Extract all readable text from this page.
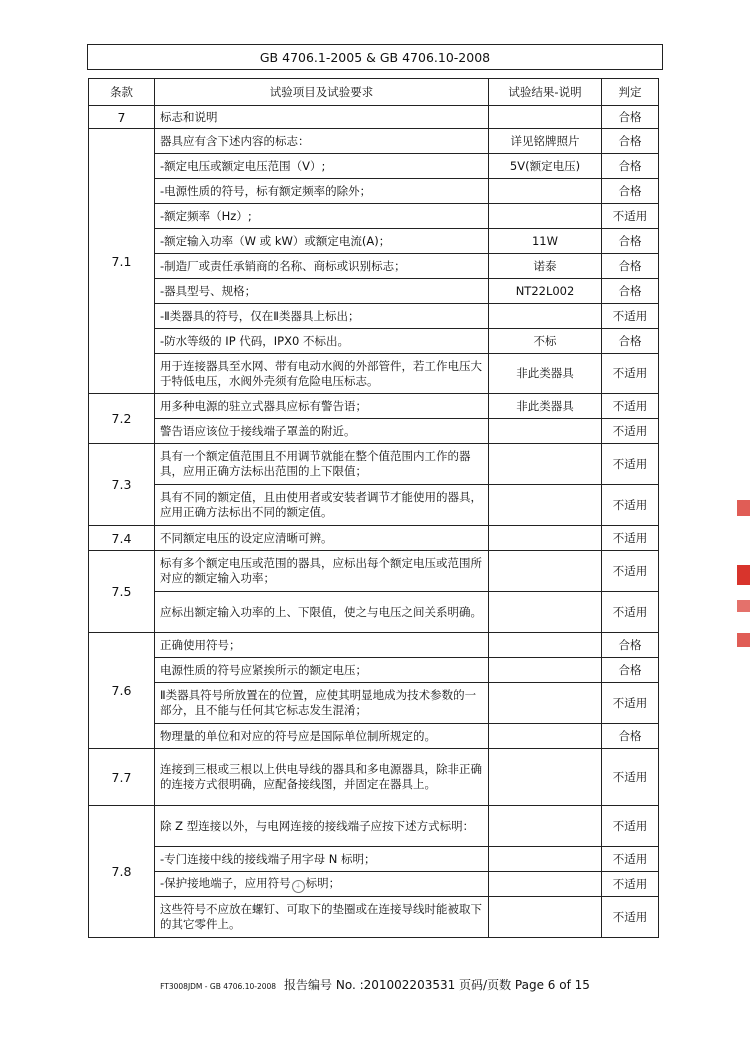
GB 4706.1-2005 & GB 4706.10-2008
条款	试验项目及试验要求	试验结果-说明	判定
7	标志和说明		合格
7.1	器具应有含下述内容的标志：	详见铭牌照片	合格
	-额定电压或额定电压范围（V）;	5V(额定电压)	合格
	-电源性质的符号，标有额定频率的除外；		合格
	-额定频率（Hz）;		不适用
	-额定输入功率（W 或 kW）或额定电流(A)；	11W	合格
	-制造厂或责任承销商的名称、商标或识别标志；	诺泰	合格
	-器具型号、规格；	NT22L002	合格
	-Ⅱ类器具的符号，仅在Ⅱ类器具上标出；		不适用
	-防水等级的 IP 代码，IPX0 不标出。	不标	合格
	用于连接器具至水网、带有电动水阀的外部管件，若工作电压大于特低电压，水阀外壳须有危险电压标志。	非此类器具	不适用
7.2	用多种电源的驻立式器具应标有警告语；	非此类器具	不适用
	警告语应该位于接线端子罩盖的附近。		不适用
7.3	具有一个额定值范围且不用调节就能在整个值范围内工作的器具，应用正确方法标出范围的上下限值；		不适用
	具有不同的额定值，且由使用者或安装者调节才能使用的器具，应用正确方法标出不同的额定值。		不适用
7.4	不同额定电压的设定应清晰可辨。		不适用
7.5	标有多个额定电压或范围的器具，应标出每个额定电压或范围所对应的额定输入功率；		不适用
	应标出额定输入功率的上、下限值，使之与电压之间关系明确。		不适用
7.6	正确使用符号；		合格
	电源性质的符号应紧挨所示的额定电压；		合格
	Ⅱ类器具符号所放置在的位置，应使其明显地成为技术参数的一部分，且不能与任何其它标志发生混淆；		不适用
	物理量的单位和对应的符号应是国际单位制所规定的。		合格
7.7	连接到三根或三根以上供电导线的器具和多电源器具，除非正确的连接方式很明确，应配备接线图，并固定在器具上。		不适用
7.8	除 Z 型连接以外，与电网连接的接线端子应按下述方式标明：		不适用
	-专门连接中线的接线端子用字母 N 标明；		不适用
	-保护接地端子，应用符号 ⏚ 标明；		不适用
	这些符号不应放在螺钉、可取下的垫圈或在连接导线时能被取下的其它零件上。		不适用
FT3008JDM - GB 4706.10-2008 报告编号 No. :201002203531 页码/页数 Page 6 of 15
